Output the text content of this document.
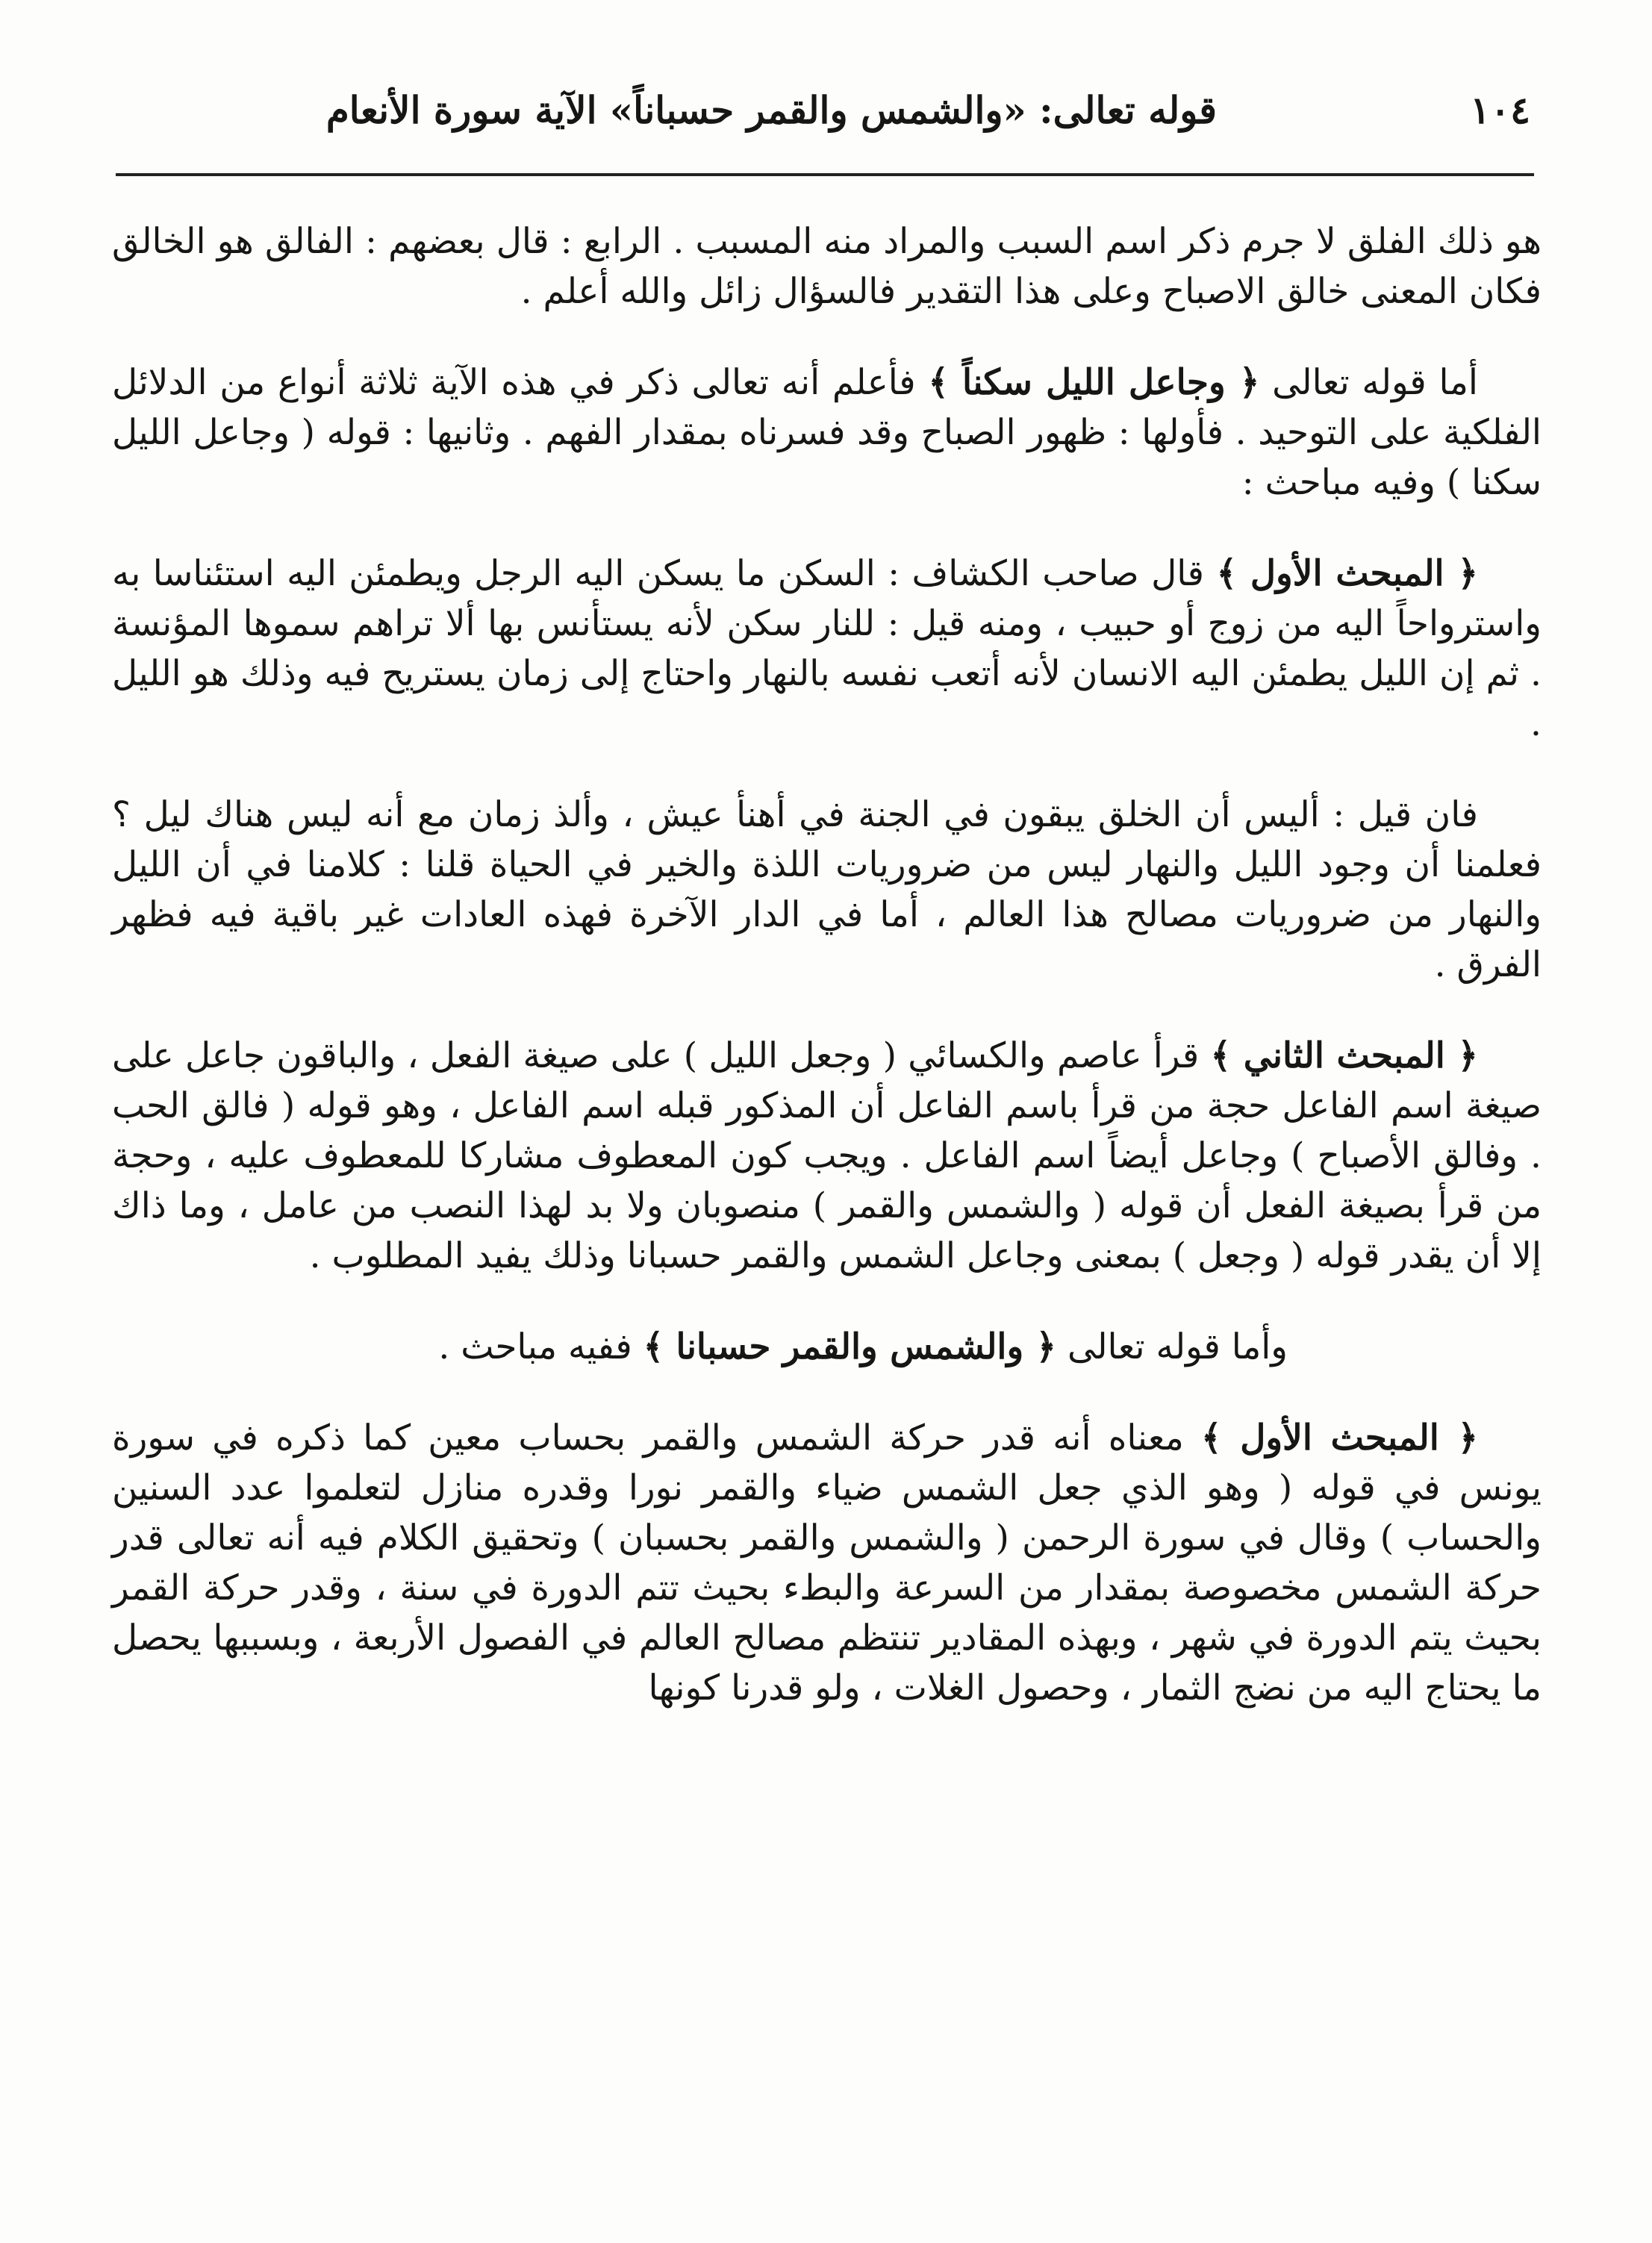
١٠٤
قوله تعالى: «والشمس والقمر حسباناً» الآية سورة الأنعام

هو ذلك الفلق لا جرم ذكر اسم السبب والمراد منه المسبب . الرابع : قال بعضهم : الفالق هو الخالق فكان المعنى خالق الاصباح وعلى هذا التقدير فالسؤال زائل والله أعلم .

أما قوله تعالى ﴿ وجاعل الليل سكناً ﴾ فأعلم أنه تعالى ذكر في هذه الآية ثلاثة أنواع من الدلائل الفلكية على التوحيد . فأولها : ظهور الصباح وقد فسرناه بمقدار الفهم . وثانيها : قوله ( وجاعل الليل سكنا ) وفيه مباحث :

﴿ المبحث الأول ﴾ قال صاحب الكشاف : السكن ما يسكن اليه الرجل ويطمئن اليه استئناسا به واسترواحاً اليه من زوج أو حبيب ، ومنه قيل : للنار سكن لأنه يستأنس بها ألا تراهم سموها المؤنسة . ثم إن الليل يطمئن اليه الانسان لأنه أتعب نفسه بالنهار واحتاج إلى زمان يستريح فيه وذلك هو الليل .

فان قيل : أليس أن الخلق يبقون في الجنة في أهنأ عيش ، وألذ زمان مع أنه ليس هناك ليل ؟ فعلمنا أن وجود الليل والنهار ليس من ضروريات اللذة والخير في الحياة قلنا : كلامنا في أن الليل والنهار من ضروريات مصالح هذا العالم ، أما في الدار الآخرة فهذه العادات غير باقية فيه فظهر الفرق .

﴿ المبحث الثاني ﴾ قرأ عاصم والكسائي ( وجعل الليل ) على صيغة الفعل ، والباقون جاعل على صيغة اسم الفاعل حجة من قرأ باسم الفاعل أن المذكور قبله اسم الفاعل ، وهو قوله ( فالق الحب . وفالق الأصباح ) وجاعل أيضاً اسم الفاعل . ويجب كون المعطوف مشاركا للمعطوف عليه ، وحجة من قرأ بصيغة الفعل أن قوله ( والشمس والقمر ) منصوبان ولا بد لهذا النصب من عامل ، وما ذاك إلا أن يقدر قوله ( وجعل ) بمعنى وجاعل الشمس والقمر حسبانا وذلك يفيد المطلوب .

وأما قوله تعالى ﴿ والشمس والقمر حسبانا ﴾ ففيه مباحث .

﴿ المبحث الأول ﴾ معناه أنه قدر حركة الشمس والقمر بحساب معين كما ذكره في سورة يونس في قوله ( وهو الذي جعل الشمس ضياء والقمر نورا وقدره منازل لتعلموا عدد السنين والحساب ) وقال في سورة الرحمن ( والشمس والقمر بحسبان ) وتحقيق الكلام فيه أنه تعالى قدر حركة الشمس مخصوصة بمقدار من السرعة والبطء بحيث تتم الدورة في سنة ، وقدر حركة القمر بحيث يتم الدورة في شهر ، وبهذه المقادير تنتظم مصالح العالم في الفصول الأربعة ، وبسببها يحصل ما يحتاج اليه من نضج الثمار ، وحصول الغلات ، ولو قدرنا كونها
